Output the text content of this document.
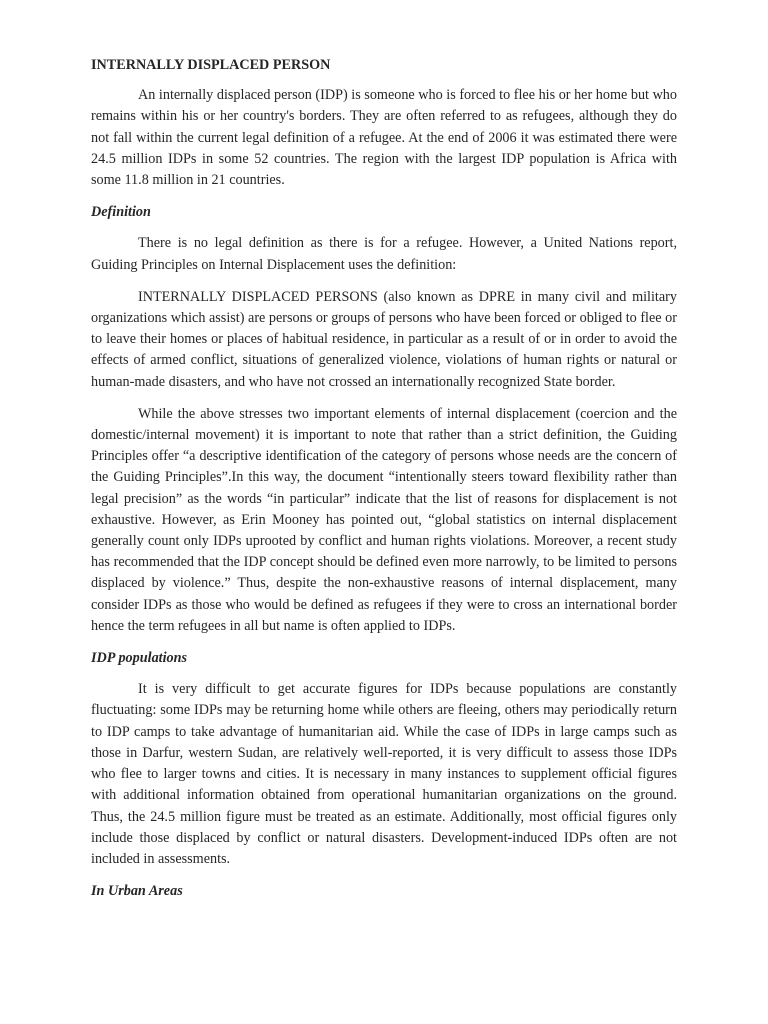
INTERNALLY DISPLACED PERSON

An internally displaced person (IDP) is someone who is forced to flee his or her home but who remains within his or her country's borders. They are often referred to as refugees, although they do not fall within the current legal definition of a refugee. At the end of 2006 it was estimated there were 24.5 million IDPs in some 52 countries. The region with the largest IDP population is Africa with some 11.8 million in 21 countries.

Definition

There is no legal definition as there is for a refugee. However, a United Nations report, Guiding Principles on Internal Displacement uses the definition:

INTERNALLY DISPLACED PERSONS (also known as DPRE in many civil and military organizations which assist) are persons or groups of persons who have been forced or obliged to flee or to leave their homes or places of habitual residence, in particular as a result of or in order to avoid the effects of armed conflict, situations of generalized violence, violations of human rights or natural or human-made disasters, and who have not crossed an internationally recognized State border.

While the above stresses two important elements of internal displacement (coercion and the domestic/internal movement) it is important to note that rather than a strict definition, the Guiding Principles offer “a descriptive identification of the category of persons whose needs are the concern of the Guiding Principles”.In this way, the document “intentionally steers toward flexibility rather than legal precision” as the words “in particular” indicate that the list of reasons for displacement is not exhaustive. However, as Erin Mooney has pointed out, “global statistics on internal displacement generally count only IDPs uprooted by conflict and human rights violations. Moreover, a recent study has recommended that the IDP concept should be defined even more narrowly, to be limited to persons displaced by violence.” Thus, despite the non-exhaustive reasons of internal displacement, many consider IDPs as those who would be defined as refugees if they were to cross an international border hence the term refugees in all but name is often applied to IDPs.

IDP populations

It is very difficult to get accurate figures for IDPs because populations are constantly fluctuating: some IDPs may be returning home while others are fleeing, others may periodically return to IDP camps to take advantage of humanitarian aid. While the case of IDPs in large camps such as those in Darfur, western Sudan, are relatively well-reported, it is very difficult to assess those IDPs who flee to larger towns and cities. It is necessary in many instances to supplement official figures with additional information obtained from operational humanitarian organizations on the ground. Thus, the 24.5 million figure must be treated as an estimate. Additionally, most official figures only include those displaced by conflict or natural disasters. Development-induced IDPs often are not included in assessments.

In Urban Areas
